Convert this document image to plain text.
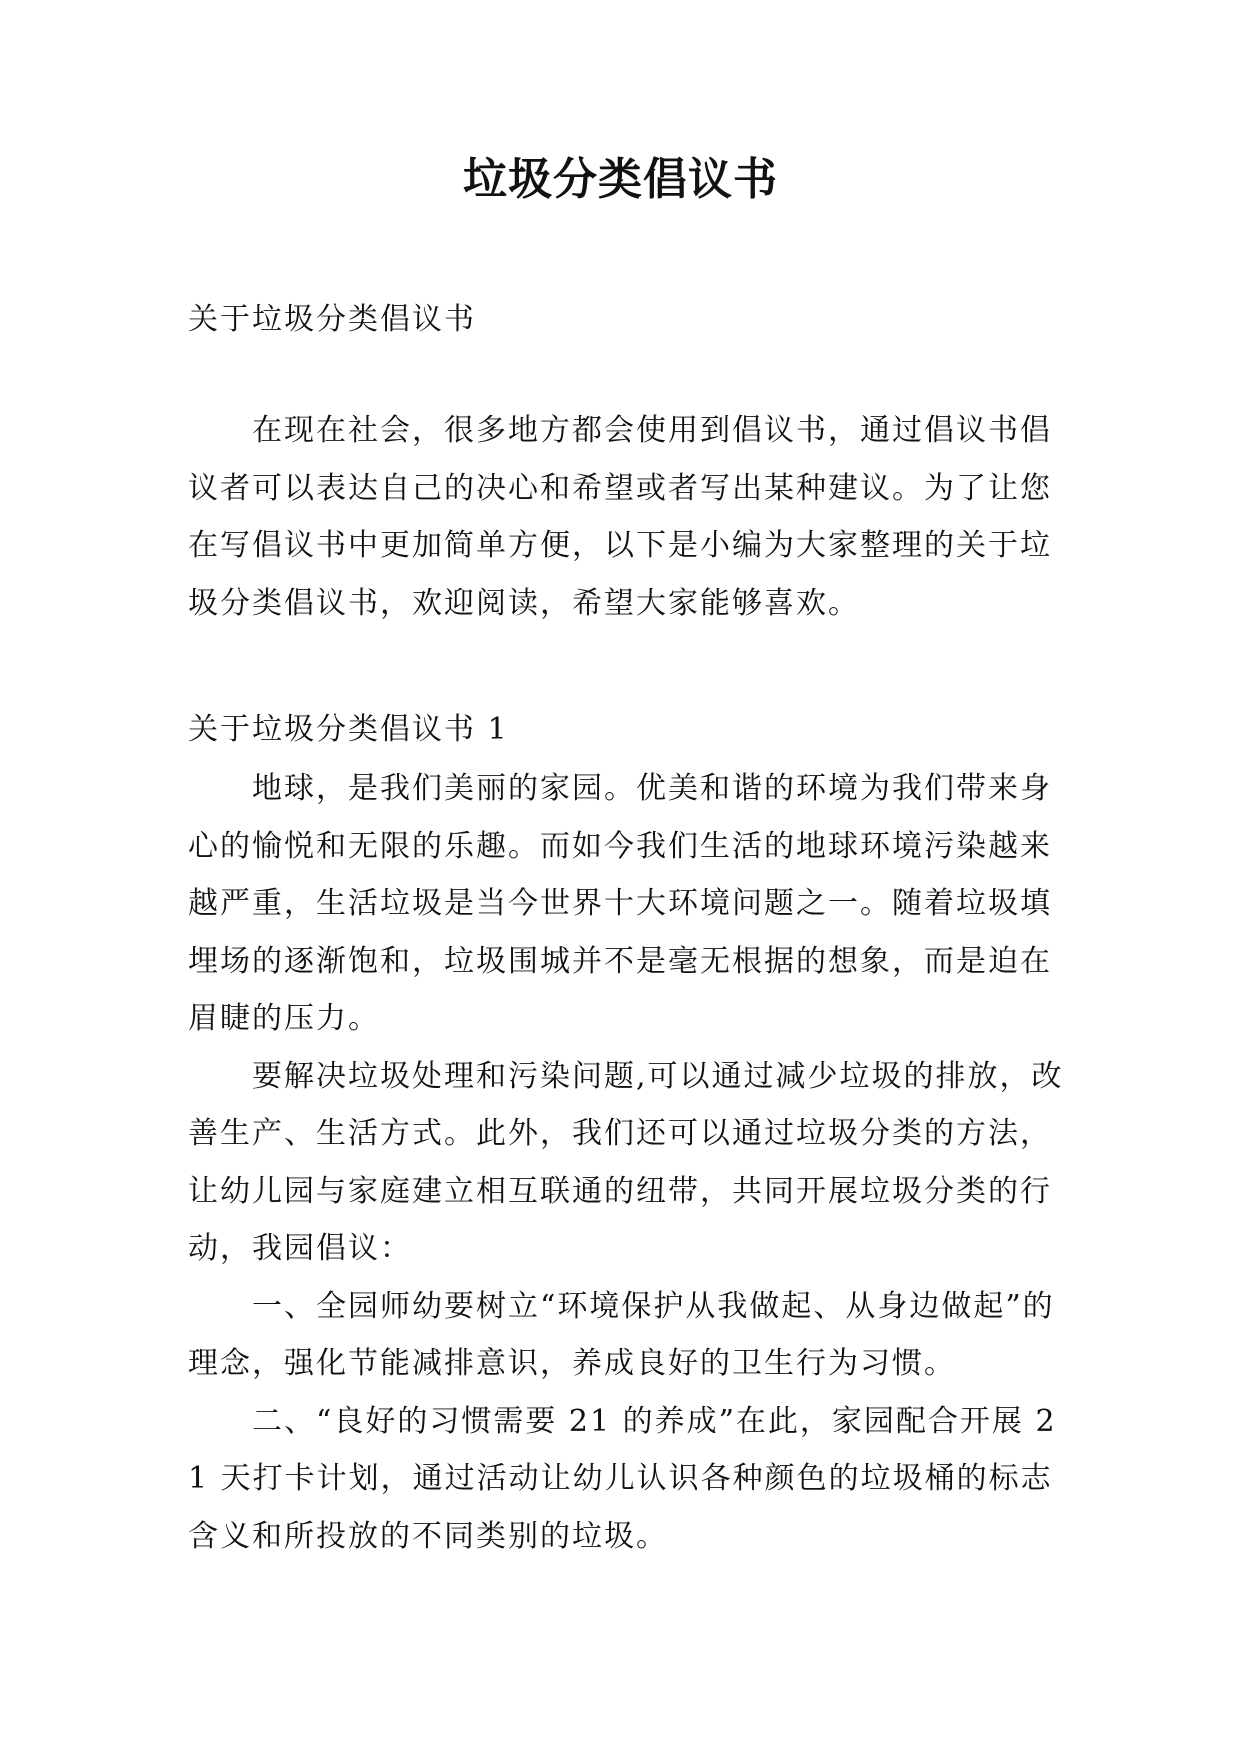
垃圾分类倡议书
关于垃圾分类倡议书
在现在社会，很多地方都会使用到倡议书，通过倡议书倡议者可以表达自己的决心和希望或者写出某种建议。为了让您在写倡议书中更加简单方便，以下是小编为大家整理的关于垃圾分类倡议书，欢迎阅读，希望大家能够喜欢。
关于垃圾分类倡议书 1

地球，是我们美丽的家园。优美和谐的环境为我们带来身心的愉悦和无限的乐趣。而如今我们生活的地球环境污染越来越严重，生活垃圾是当今世界十大环境问题之一。随着垃圾填埋场的逐渐饱和，垃圾围城并不是毫无根据的想象，而是迫在眉睫的压力。

要解决垃圾处理和污染问题,可以通过减少垃圾的排放，改善生产、生活方式。此外，我们还可以通过垃圾分类的方法，让幼儿园与家庭建立相互联通的纽带，共同开展垃圾分类的行动，我园倡议：

一、全园师幼要树立“环境保护从我做起、从身边做起”的理念，强化节能减排意识，养成良好的卫生行为习惯。

二、“良好的习惯需要 21 的养成”在此，家园配合开展 21 天打卡计划，通过活动让幼儿认识各种颜色的垃圾桶的标志含义和所投放的不同类别的垃圾。
